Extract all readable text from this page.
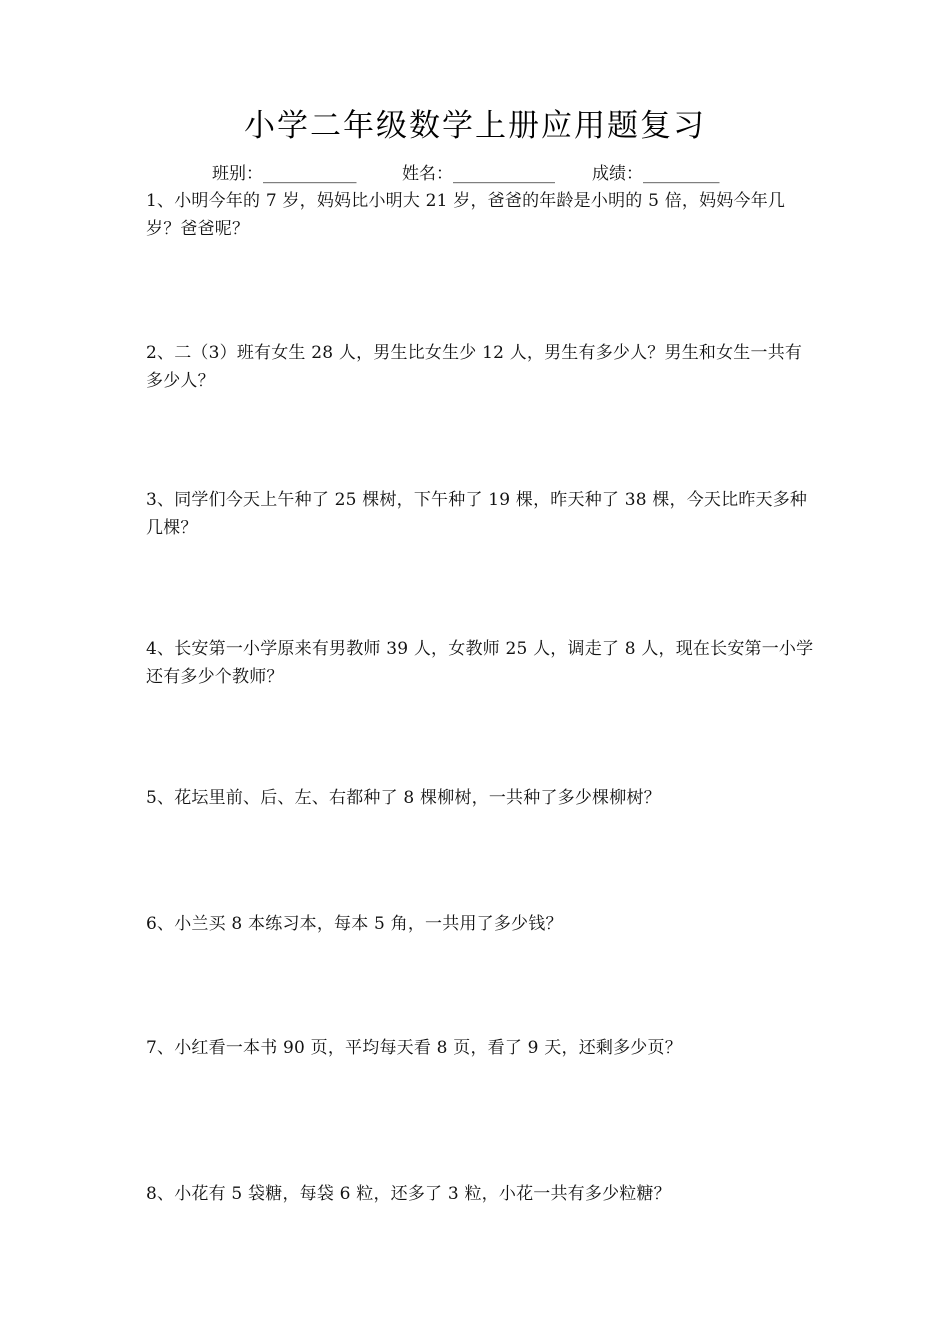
小学二年级数学上册应用题复习
班别：___________	姓名：____________ 成绩：_________
1、小明今年的 7 岁，妈妈比小明大 21 岁，爸爸的年龄是小明的 5 倍，妈妈今年几岁？爸爸呢？
2、二（3）班有女生 28 人，男生比女生少 12 人，男生有多少人？男生和女生一共有多少人？
3、同学们今天上午种了 25 棵树，下午种了 19 棵，昨天种了 38 棵，今天比昨天多种几棵？
4、长安第一小学原来有男教师 39 人，女教师 25 人，调走了 8 人，现在长安第一小学还有多少个教师？
5、花坛里前、后、左、右都种了 8 棵柳树，一共种了多少棵柳树？
6、小兰买 8 本练习本，每本 5 角，一共用了多少钱？
7、小红看一本书 90 页，平均每天看 8 页，看了 9 天，还剩多少页？
8、小花有 5 袋糖，每袋 6 粒，还多了 3 粒，小花一共有多少粒糖？
